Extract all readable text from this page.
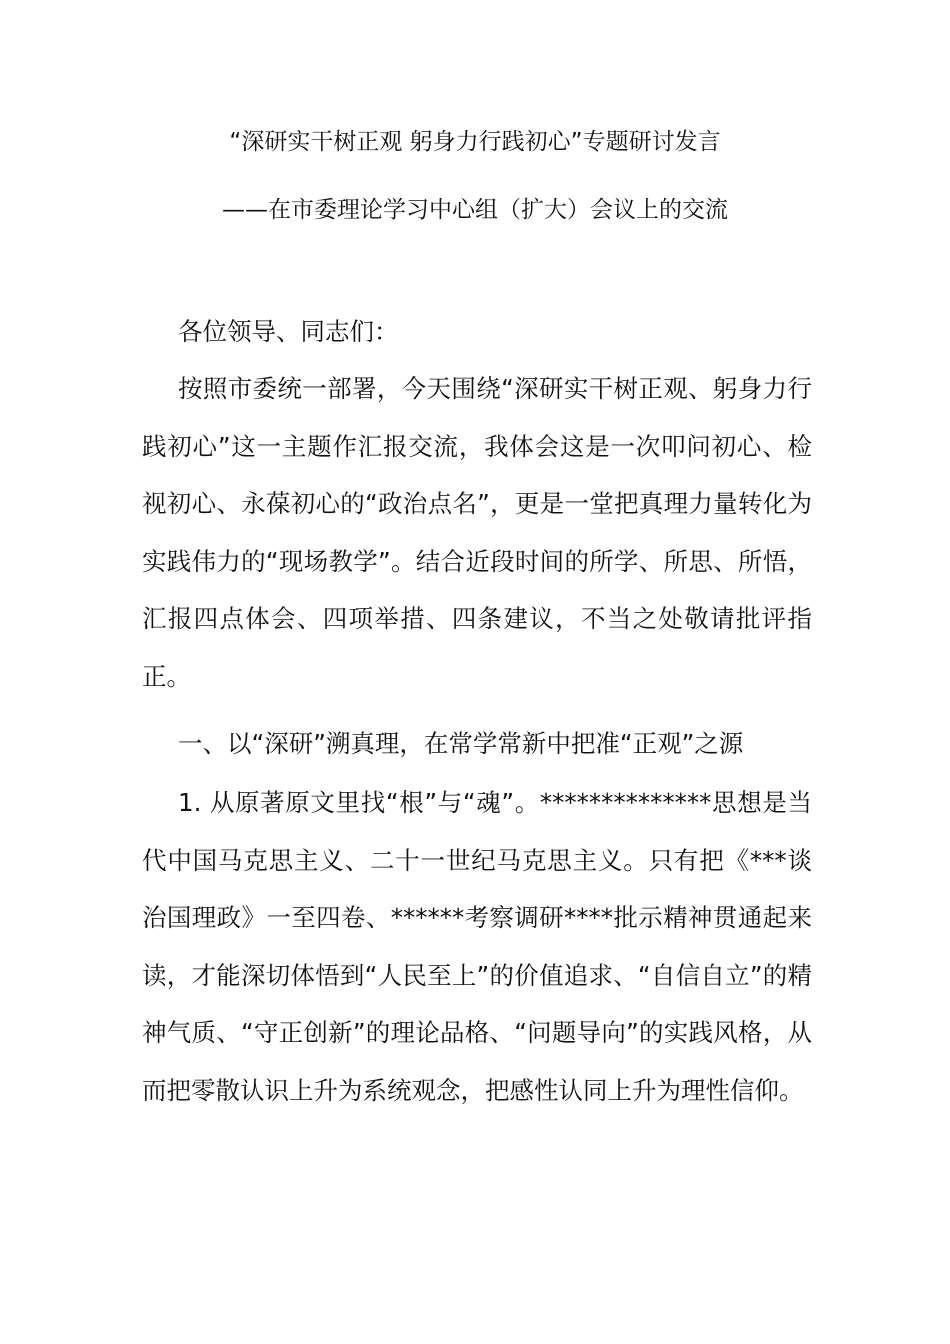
“深研实干树正观 躬身力行践初心”专题研讨发言
——在市委理论学习中心组（扩大）会议上的交流

各位领导、同志们：

按照市委统一部署，今天围绕“深研实干树正观、躬身力行践初心”这一主题作汇报交流，我体会这是一次叩问初心、检视初心、永葆初心的“政治点名”，更是一堂把真理力量转化为实践伟力的“现场教学”。结合近段时间的所学、所思、所悟，汇报四点体会、四项举措、四条建议，不当之处敬请批评指正。

一、以“深研”溯真理，在常学常新中把准“正观”之源

1. 从原著原文里找“根”与“魂”。**************思想是当代中国马克思主义、二十一世纪马克思主义。只有把《***谈治国理政》一至四卷、******考察调研****批示精神贯通起来读，才能深切体悟到“人民至上”的价值追求、“自信自立”的精神气质、“守正创新”的理论品格、“问题导向”的实践风格，从而把零散认识上升为系统观念，把感性认同上升为理性信仰。
